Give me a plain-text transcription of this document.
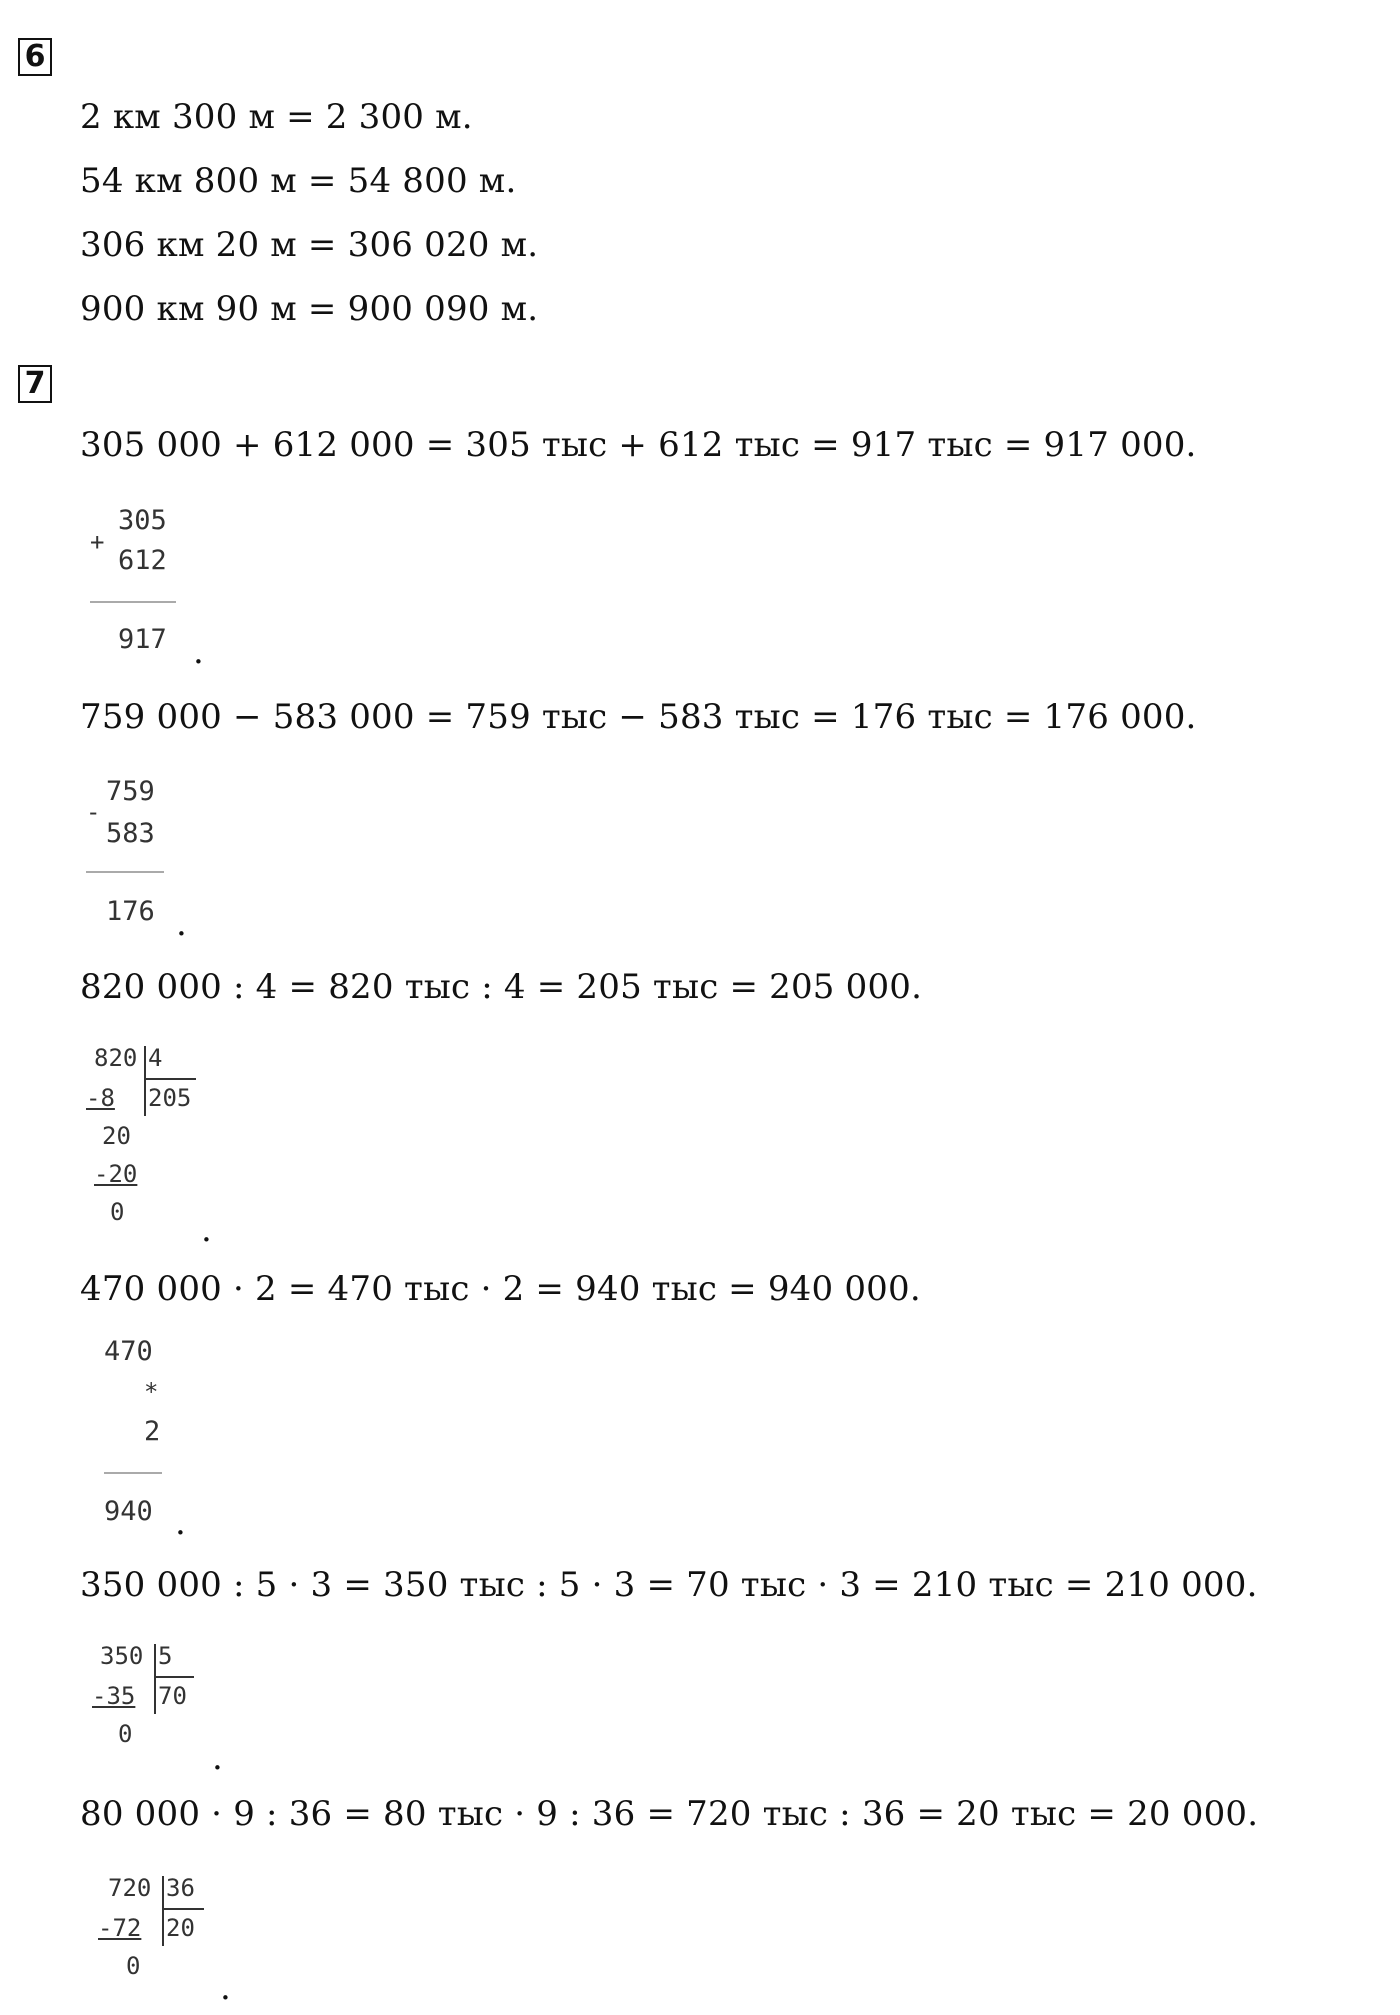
6
2 км 300 м = 2 300 м.
54 км 800 м = 54 800 м.
306 км 20 м = 306 020 м.
900 км 90 м = 900 090 м.
7
305 000 + 612 000 = 305 тыс + 612 тыс = 917 тыс = 917 000.
+
305
612
917 .
759 000 − 583 000 = 759 тыс − 583 тыс = 176 тыс = 176 000.
-
759
583
176 .
820 000 : 4 = 820 тыс : 4 = 205 тыс = 205 000.
820 4
205
-8
20
-20
0 .
470 000 · 2 = 470 тыс · 2 = 940 тыс = 940 000.
470
*
2
940 .
350 000 : 5 · 3 = 350 тыс : 5 · 3 = 70 тыс · 3 = 210 тыс = 210 000.
350 5
70
-35
0
.
80 000 · 9 : 36 = 80 тыс · 9 : 36 = 720 тыс : 36 = 20 тыс = 20 000.
720 36
20
-72
0
.
